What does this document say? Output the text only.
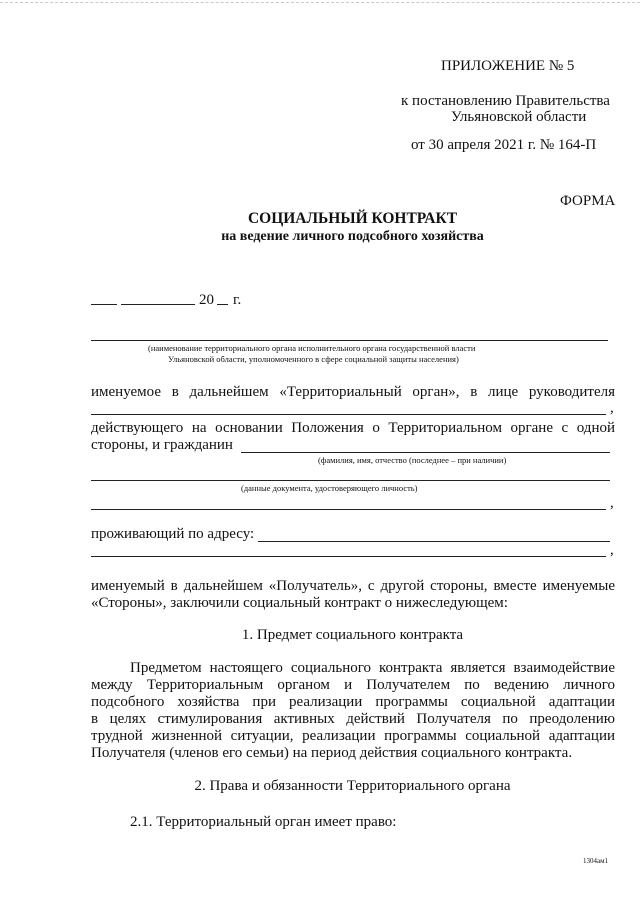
ПРИЛОЖЕНИЕ № 5
к постановлению Правительства
Ульяновской области
от 30 апреля 2021 г. № 164-П
ФОРМА
СОЦИАЛЬНЫЙ КОНТРАКТ
на ведение личного подсобного хозяйства
20 г.
(наименование территориального органа исполнительного органа государственной власти
Ульяновской области, уполномоченного в сфере социальной защиты населения)
именуемое в дальнейшем «Территориальный орган», в лице руководителя
,
действующего на основании Положения о Территориальном органе с одной
стороны, и гражданин
(фамилия, имя, отчество (последнее – при наличии)
(данные документа, удостоверяющего личность)
,
проживающий по адресу:
,
именуемый в дальнейшем «Получатель», с другой стороны, вместе именуемые
«Стороны», заключили социальный контракт о нижеследующем:
1. Предмет социального контракта
Предметом настоящего социального контракта является взаимодействие
между Территориальным органом и Получателем по ведению личного
подсобного хозяйства при реализации программы социальной адаптации
в целях стимулирования активных действий Получателя по преодолению
трудной жизненной ситуации, реализации программы социальной адаптации
Получателя (членов его семьи) на период действия социального контракта.
2. Права и обязанности Территориального органа
2.1. Территориальный орган имеет право:
1304ам1
